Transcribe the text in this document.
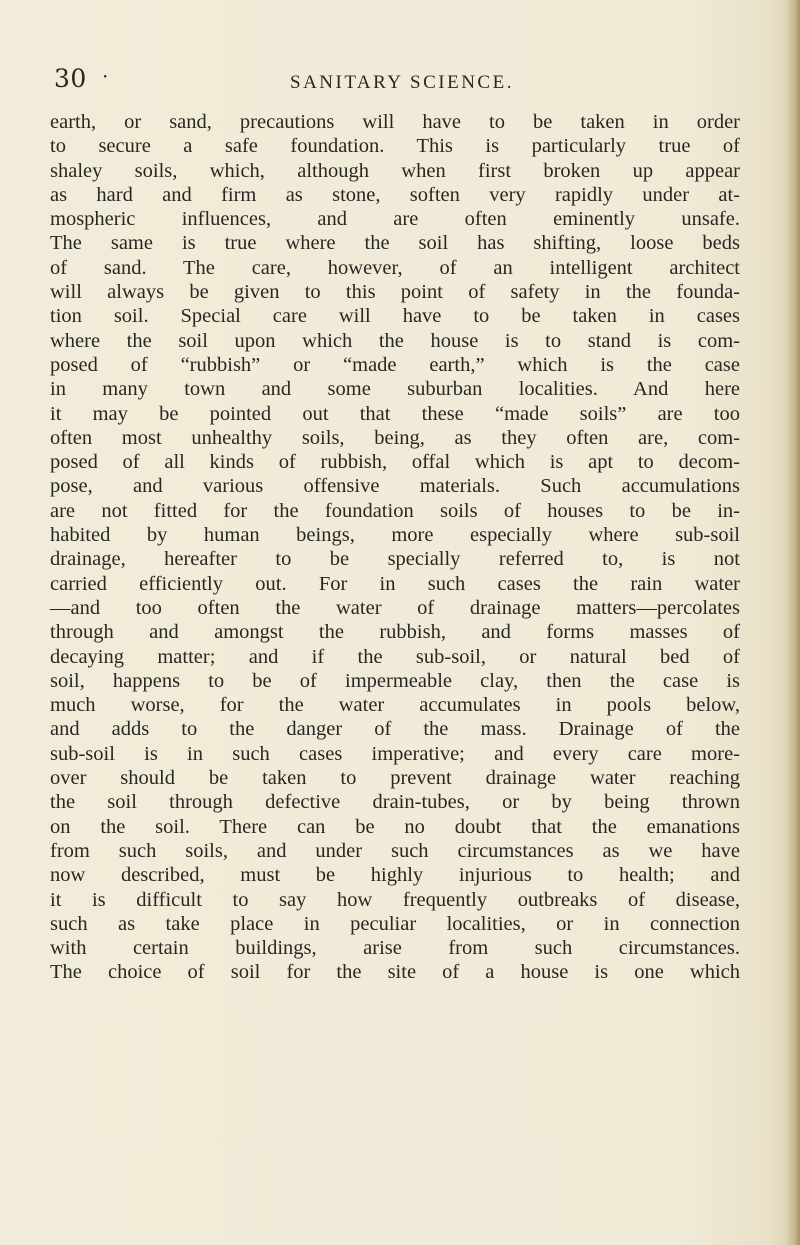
30 ·	SANITARY SCIENCE.
earth, or sand, precautions will have to be taken in order
to secure a safe foundation. This is particularly true of
shaley soils, which, although when first broken up appear
as hard and firm as stone, soften very rapidly under at-
mospheric influences, and are often eminently unsafe.
The same is true where the soil has shifting, loose beds
of sand. The care, however, of an intelligent architect
will always be given to this point of safety in the founda-
tion soil. Special care will have to be taken in cases
where the soil upon which the house is to stand is com-
posed of “rubbish” or “made earth,” which is the case
in many town and some suburban localities. And here
it may be pointed out that these “made soils” are too
often most unhealthy soils, being, as they often are, com-
posed of all kinds of rubbish, offal which is apt to decom-
pose, and various offensive materials. Such accumulations
are not fitted for the foundation soils of houses to be in-
habited by human beings, more especially where sub-soil
drainage, hereafter to be specially referred to, is not
carried efficiently out. For in such cases the rain water
—and too often the water of drainage matters—percolates
through and amongst the rubbish, and forms masses of
decaying matter; and if the sub-soil, or natural bed of
soil, happens to be of impermeable clay, then the case is
much worse, for the water accumulates in pools below,
and adds to the danger of the mass. Drainage of the
sub-soil is in such cases imperative; and every care more-
over should be taken to prevent drainage water reaching
the soil through defective drain-tubes, or by being thrown
on the soil. There can be no doubt that the emanations
from such soils, and under such circumstances as we have
now described, must be highly injurious to health; and
it is difficult to say how frequently outbreaks of disease,
such as take place in peculiar localities, or in connection
with certain buildings, arise from such circumstances.
The choice of soil for the site of a house is one which
